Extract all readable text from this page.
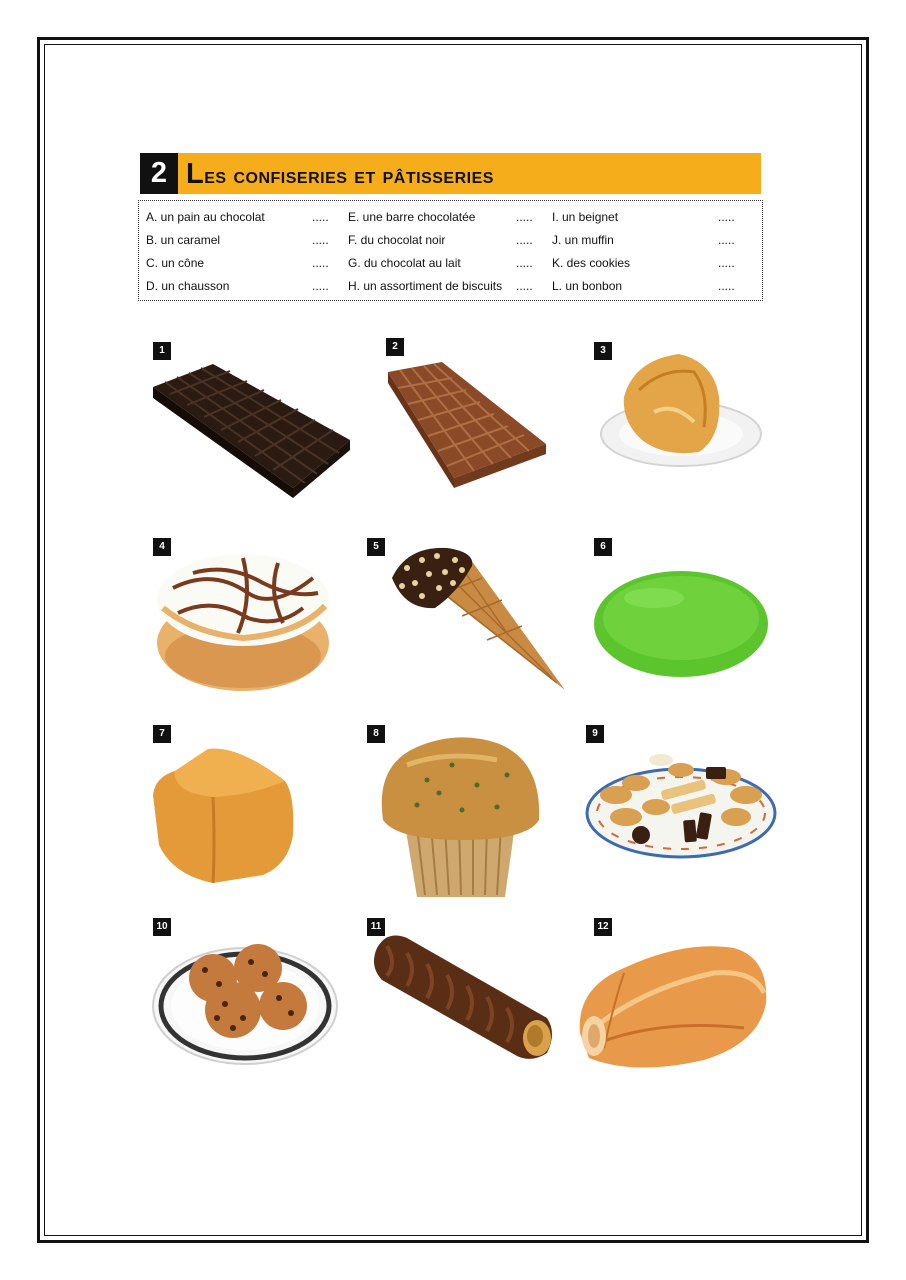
2 Les confiseries et pâtisseries
A. un pain au chocolat	.....
B. un caramel	.....
C. un cône	.....
D. un chausson	.....
E. une barre chocolatée	.....
F. du chocolat noir	.....
G. du chocolat au lait	.....
H. un assortiment de biscuits .....
I. un beignet	.....
J. un muffin	.....
K. des cookies	.....
L. un bonbon	.....
1	2	3
4	5	6
7	8	9
10	11	12
